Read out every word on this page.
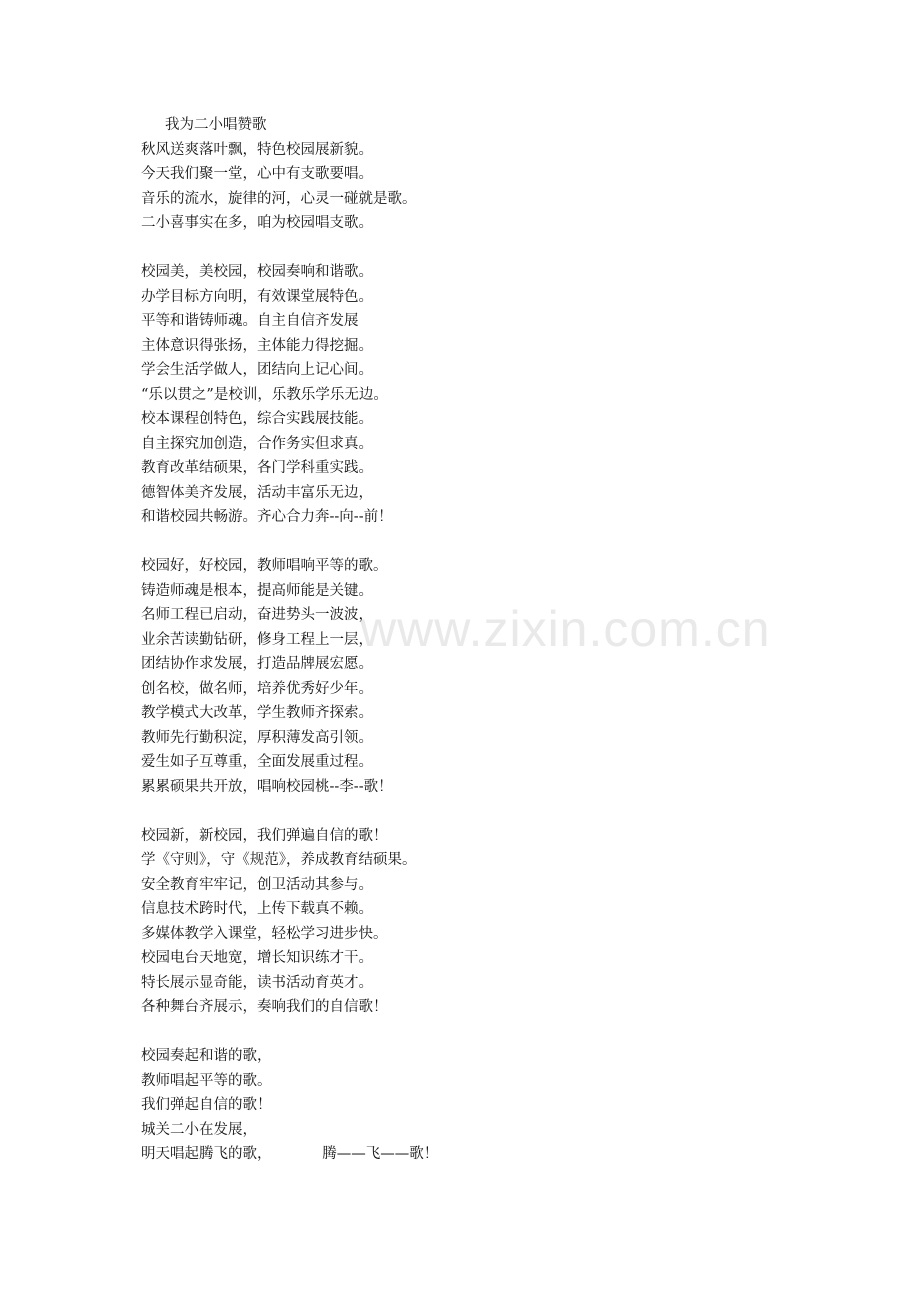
www.zixin.com.cn
我为二小唱赞歌
秋风送爽落叶飘，特色校园展新貌。
今天我们聚一堂，心中有支歌要唱。
音乐的流水，旋律的河，心灵一碰就是歌。
二小喜事实在多，咱为校园唱支歌。
校园美，美校园，校园奏响和谐歌。
办学目标方向明，有效课堂展特色。
平等和谐铸师魂。自主自信齐发展
主体意识得张扬，主体能力得挖掘。
学会生活学做人，团结向上记心间。
“乐以贯之”是校训，乐教乐学乐无边。
校本课程创特色，综合实践展技能。
自主探究加创造，合作务实但求真。
教育改革结硕果，各门学科重实践。
德智体美齐发展，活动丰富乐无边，
和谐校园共畅游。齐心合力奔--向--前！
校园好，好校园，教师唱响平等的歌。
铸造师魂是根本，提高师能是关键。
名师工程已启动，奋进势头一波波，
业余苦读勤钻研，修身工程上一层，
团结协作求发展，打造品牌展宏愿。
创名校，做名师，培养优秀好少年。
教学模式大改革，学生教师齐探索。
教师先行勤积淀，厚积薄发高引领。
爱生如子互尊重，全面发展重过程。
累累硕果共开放，唱响校园桃--李--歌！
校园新，新校园，我们弹遍自信的歌！
学《守则》，守《规范》，养成教育结硕果。
安全教育牢牢记，创卫活动其参与。
信息技术跨时代，上传下载真不赖。
多媒体教学入课堂，轻松学习进步快。
校园电台天地宽，增长知识练才干。
特长展示显奇能，读书活动育英才。
各种舞台齐展示，奏响我们的自信歌！
校园奏起和谐的歌，
教师唱起平等的歌。
我们弹起自信的歌！
城关二小在发展，
明天唱起腾飞的歌，           腾——飞——歌！
